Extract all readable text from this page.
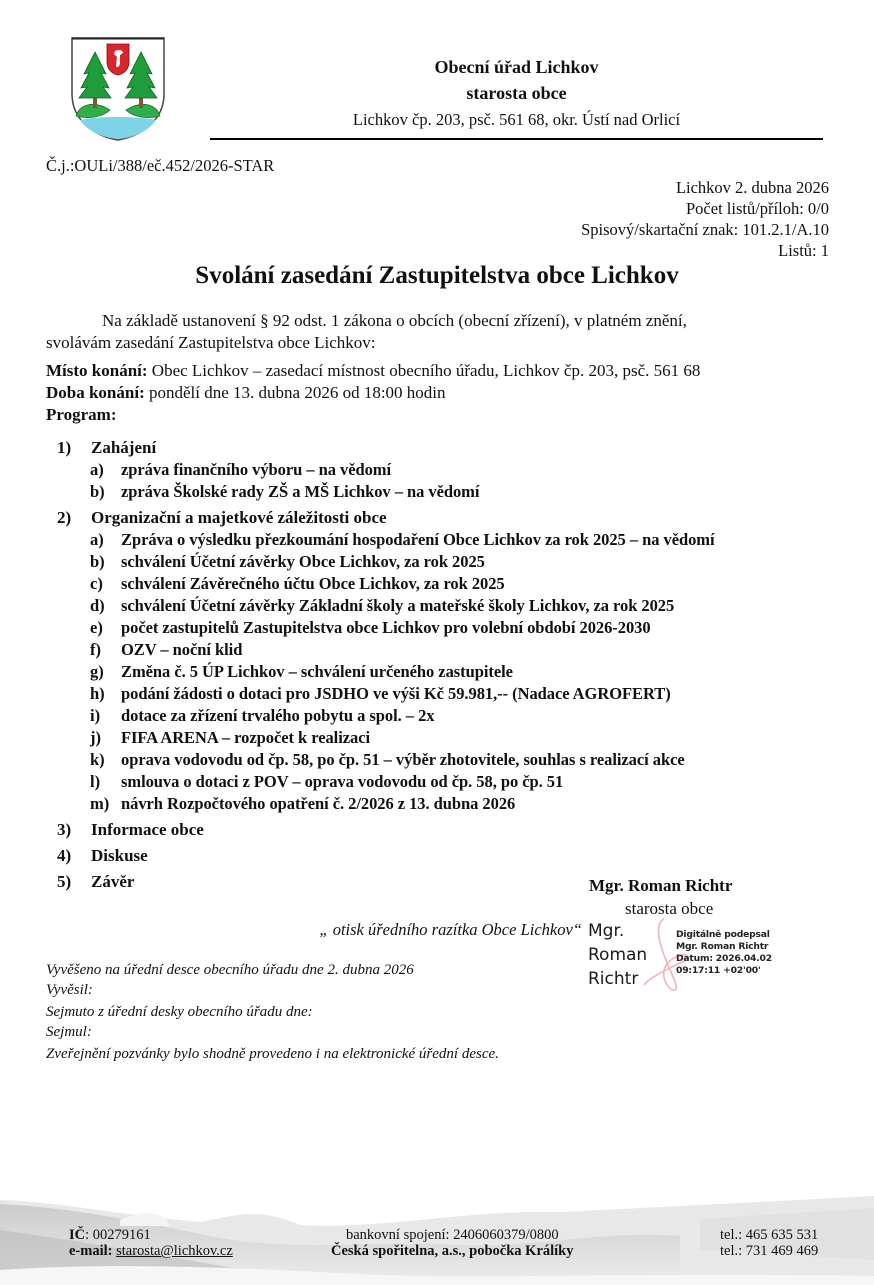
Obecní úřad Lichkov
starosta obce
Lichkov čp. 203, psč. 561 68, okr. Ústí nad Orlicí
Č.j.:OULi/388/eč.452/2026-STAR
Lichkov 2. dubna 2026
Počet listů/příloh: 0/0
Spisový/skartační znak: 101.2.1/A.10
Listů: 1
Svolání zasedání Zastupitelstva obce Lichkov
Na základě ustanovení § 92 odst. 1 zákona o obcích (obecní zřízení), v platném znění,
svolávám zasedání Zastupitelstva obce Lichkov:
Místo konání: Obec Lichkov – zasedací místnost obecního úřadu, Lichkov čp. 203, psč. 561 68
Doba konání: pondělí dne 13. dubna 2026 od 18:00 hodin
Program:
1) Zahájení
a) zpráva finančního výboru – na vědomí
b) zpráva Školské rady ZŠ a MŠ Lichkov – na vědomí
2) Organizační a majetkové záležitosti obce
a) Zpráva o výsledku přezkoumání hospodaření Obce Lichkov za rok 2025 – na vědomí
b) schválení Účetní závěrky Obce Lichkov, za rok 2025
c) schválení Závěrečného účtu Obce Lichkov, za rok 2025
d) schválení Účetní závěrky Základní školy a mateřské školy Lichkov, za rok 2025
e) počet zastupitelů Zastupitelstva obce Lichkov pro volební období 2026-2030
f) OZV – noční klid
g) Změna č. 5 ÚP Lichkov – schválení určeného zastupitele
h) podání žádosti o dotaci pro JSDHO ve výši Kč 59.981,-- (Nadace AGROFERT)
i) dotace za zřízení trvalého pobytu a spol. – 2x
j) FIFA ARENA – rozpočet k realizaci
k) oprava vodovodu od čp. 58, po čp. 51 – výběr zhotovitele, souhlas s realizací akce
l) smlouva o dotaci z POV – oprava vodovodu od čp. 58, po čp. 51
m) návrh Rozpočtového opatření č. 2/2026 z 13. dubna 2026
3) Informace obce
4) Diskuse
5) Závěr
„ otisk úředního razítka Obce Lichkov“
Mgr. Roman Richtr
starosta obce
Mgr.
Roman
Richtr
Digitálně podepsal
Mgr. Roman Richtr
Datum: 2026.04.02
09:17:11 +02'00'
Vyvěšeno na úřední desce obecního úřadu dne 2. dubna 2026
Vyvěsil:
Sejmuto z úřední desky obecního úřadu dne:
Sejmul:
Zveřejnění pozvánky bylo shodně provedeno i na elektronické úřední desce.
IČ: 00279161
e-mail: starosta@lichkov.cz
bankovní spojení: 2406060379/0800
Česká spořitelna, a.s., pobočka Králíky
tel.: 465 635 531
tel.: 731 469 469
